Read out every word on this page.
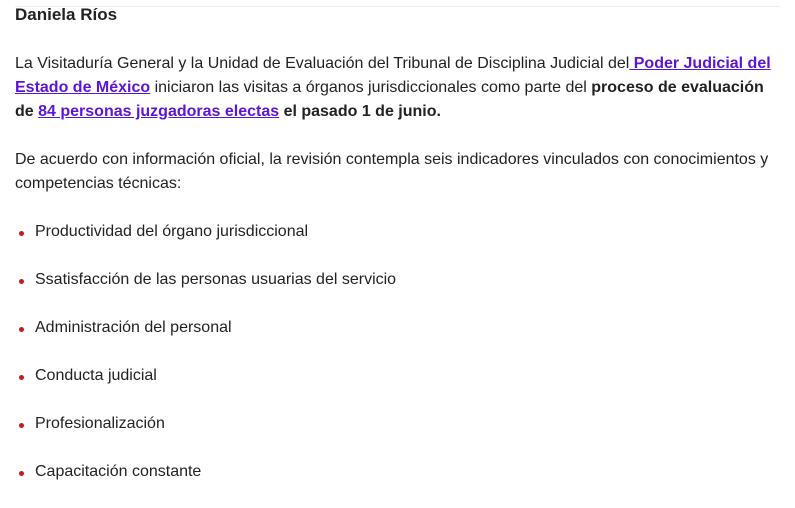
Daniela Ríos

La Visitaduría General y la Unidad de Evaluación del Tribunal de Disciplina Judicial del Poder Judicial del Estado de México iniciaron las visitas a órganos jurisdiccionales como parte del proceso de evaluación de 84 personas juzgadoras electas el pasado 1 de junio.

De acuerdo con información oficial, la revisión contempla seis indicadores vinculados con conocimientos y competencias técnicas:

Productividad del órgano jurisdiccional
Ssatisfacción de las personas usuarias del servicio
Administración del personal
Conducta judicial
Profesionalización
Capacitación constante
